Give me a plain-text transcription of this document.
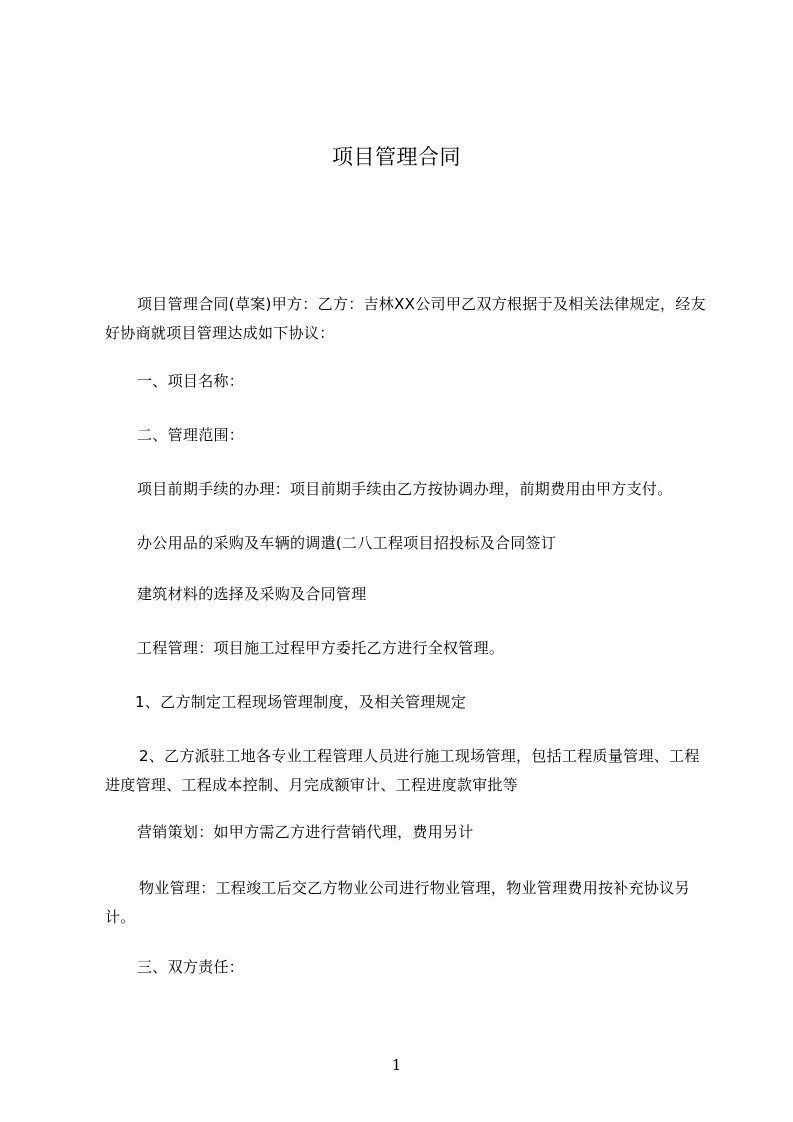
项目管理合同

项目管理合同(草案)甲方：乙方：吉林XX公司甲乙双方根据于及相关法律规定，经友好协商就项目管理达成如下协议：

一、项目名称：

二、管理范围：

项目前期手续的办理：项目前期手续由乙方按协调办理，前期费用由甲方支付。

办公用品的采购及车辆的调遣(二八工程项目招投标及合同签订

建筑材料的选择及采购及合同管理

工程管理：项目施工过程甲方委托乙方进行全权管理。

1、乙方制定工程现场管理制度，及相关管理规定

2、乙方派驻工地各专业工程管理人员进行施工现场管理，包括工程质量管理、工程进度管理、工程成本控制、月完成额审计、工程进度款审批等

营销策划：如甲方需乙方进行营销代理，费用另计

物业管理：工程竣工后交乙方物业公司进行物业管理，物业管理费用按补充协议另计。

三、双方责任：

1
